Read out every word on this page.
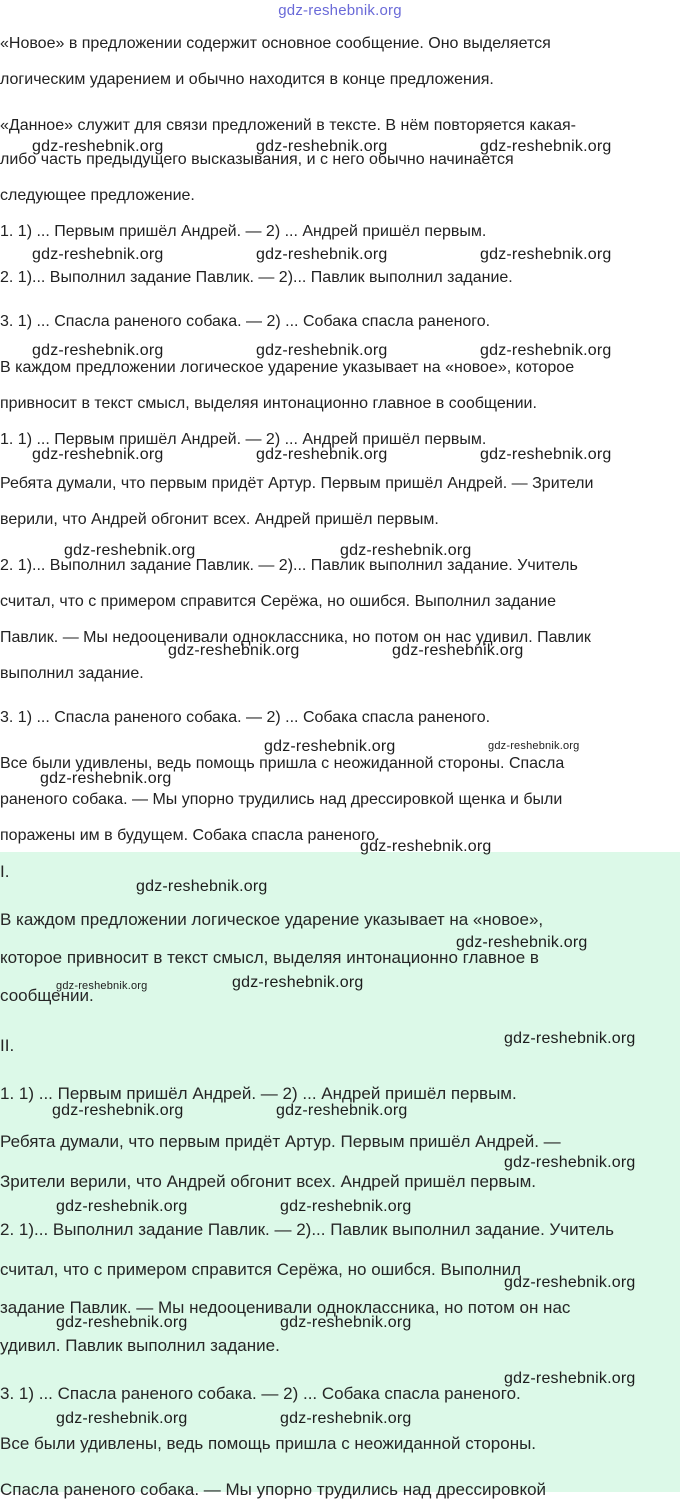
gdz-reshebnik.org
«Новое» в предложении содержит основное сообщение. Оно выделяется
логическим ударением и обычно находится в конце предложения.
«Данное» служит для связи предложений в тексте. В нём повторяется какая-
либо часть предыдущего высказывания, и с него обычно начинается
следующее предложение.
1. 1) ... Первым пришёл Андрей. — 2) ... Андрей пришёл первым.
2. 1)... Выполнил задание Павлик. — 2)... Павлик выполнил задание.
3. 1) ... Спасла раненого собака. — 2) ... Собака спасла раненого.
В каждом предложении логическое ударение указывает на «новое», которое
привносит в текст смысл, выделяя интонационно главное в сообщении.
1. 1) ... Первым пришёл Андрей. — 2) ... Андрей пришёл первым.
Ребята думали, что первым придёт Артур. Первым пришёл Андрей. — Зрители
верили, что Андрей обгонит всех. Андрей пришёл первым.
2. 1)... Выполнил задание Павлик. — 2)... Павлик выполнил задание. Учитель
считал, что с примером справится Серёжа, но ошибся. Выполнил задание
Павлик. — Мы недооценивали одноклассника, но потом он нас удивил. Павлик
выполнил задание.
3. 1) ... Спасла раненого собака. — 2) ... Собака спасла раненого.
Все были удивлены, ведь помощь пришла с неожиданной стороны. Спасла
раненого собака. — Мы упорно трудились над дрессировкой щенка и были
поражены им в будущем. Собака спасла раненого.
I.
В каждом предложении логическое ударение указывает на «новое»,
которое привносит в текст смысл, выделяя интонационно главное в
сообщении.
II.
1. 1) ... Первым пришёл Андрей. — 2) ... Андрей пришёл первым.
Ребята думали, что первым придёт Артур. Первым пришёл Андрей. —
Зрители верили, что Андрей обгонит всех. Андрей пришёл первым.
2. 1)... Выполнил задание Павлик. — 2)... Павлик выполнил задание. Учитель
считал, что с примером справится Серёжа, но ошибся. Выполнил
задание Павлик. — Мы недооценивали одноклассника, но потом он нас
удивил. Павлик выполнил задание.
3. 1) ... Спасла раненого собака. — 2) ... Собака спасла раненого.
Все были удивлены, ведь помощь пришла с неожиданной стороны.
Спасла раненого собака. — Мы упорно трудились над дрессировкой
gdz-reshebnik.org	gdz-reshebnik.org	gdz-reshebnik.org
gdz-reshebnik.org	gdz-reshebnik.org	gdz-reshebnik.org
gdz-reshebnik.org	gdz-reshebnik.org	gdz-reshebnik.org
gdz-reshebnik.org	gdz-reshebnik.org	gdz-reshebnik.org
gdz-reshebnik.org	gdz-reshebnik.org
gdz-reshebnik.org	gdz-reshebnik.org
gdz-reshebnik.org	gdz-reshebnik.org
gdz-reshebnik.org
gdz-reshebnik.org
gdz-reshebnik.org
gdz-reshebnik.org
gdz-reshebnik.org	gdz-reshebnik.org
gdz-reshebnik.org
gdz-reshebnik.org	gdz-reshebnik.org
gdz-reshebnik.org
gdz-reshebnik.org	gdz-reshebnik.org
gdz-reshebnik.org
gdz-reshebnik.org	gdz-reshebnik.org
gdz-reshebnik.org
gdz-reshebnik.org	gdz-reshebnik.org
